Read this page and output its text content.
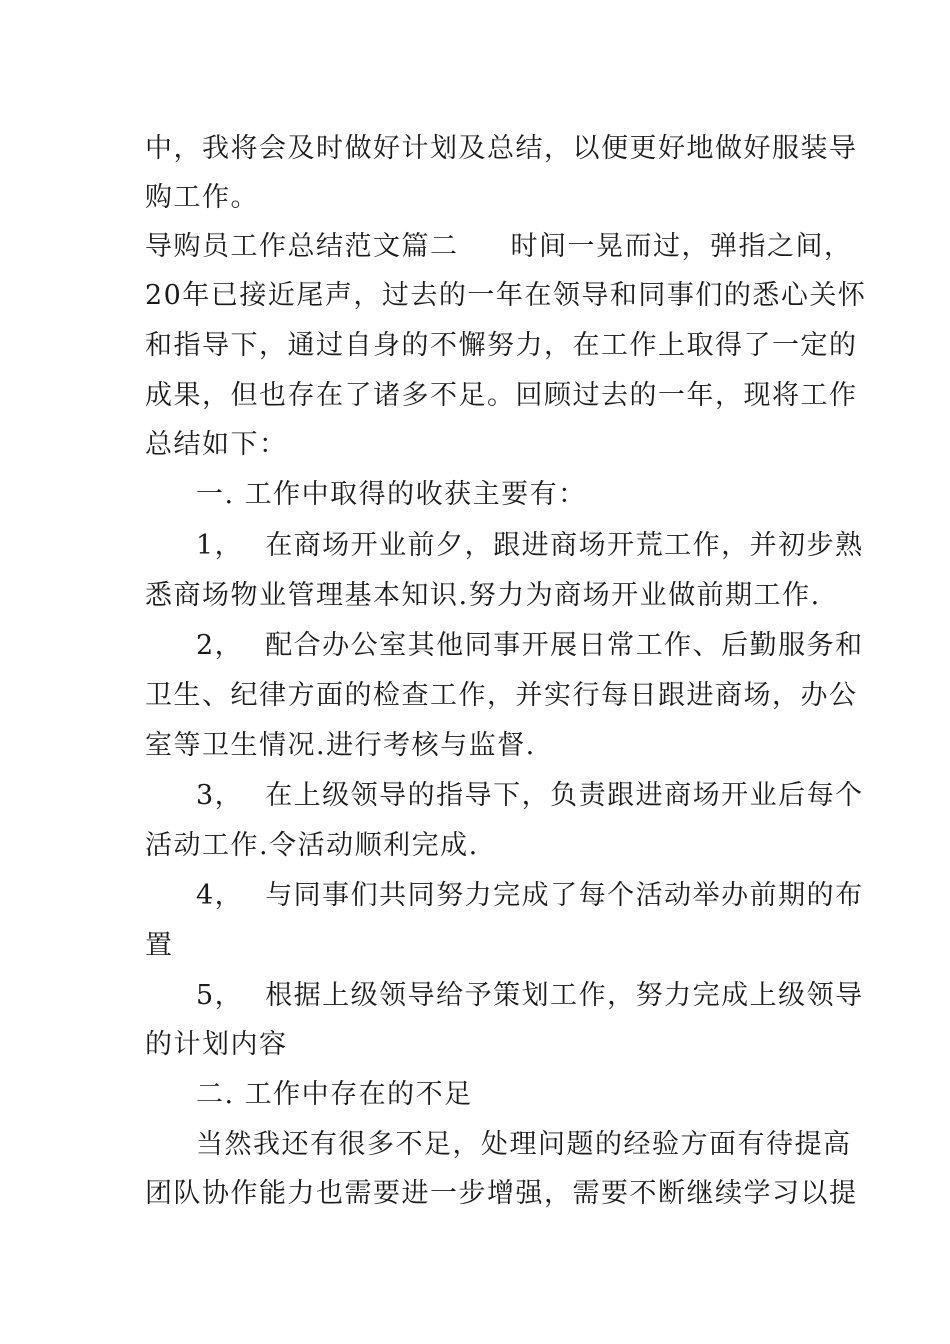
中，我将会及时做好计划及总结，以便更好地做好服装导
购工作。
导购员工作总结范文篇二 时间一晃而过，弹指之间，
20年已接近尾声，过去的一年在领导和同事们的悉心关怀
和指导下，通过自身的不懈努力，在工作上取得了一定的
成果，但也存在了诸多不足。回顾过去的一年，现将工作
总结如下：
一. 工作中取得的收获主要有：
1， 在商场开业前夕，跟进商场开荒工作，并初步熟
悉商场物业管理基本知识.努力为商场开业做前期工作.
2， 配合办公室其他同事开展日常工作、后勤服务和
卫生、纪律方面的检查工作，并实行每日跟进商场，办公
室等卫生情况.进行考核与监督.
3， 在上级领导的指导下，负责跟进商场开业后每个
活动工作.令活动顺利完成.
4， 与同事们共同努力完成了每个活动举办前期的布
置
5， 根据上级领导给予策划工作，努力完成上级领导
的计划内容
二. 工作中存在的不足
当然我还有很多不足，处理问题的经验方面有待提高
团队协作能力也需要进一步增强，需要不断继续学习以提
